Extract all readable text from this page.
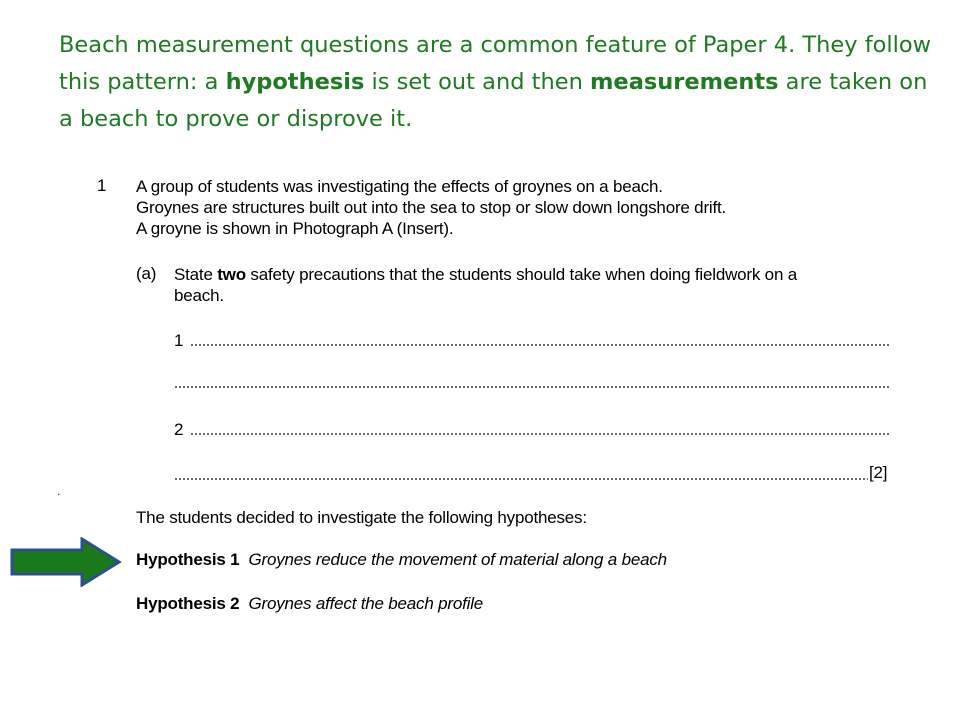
Beach measurement questions are a common feature of Paper 4. They follow this pattern: a hypothesis is set out and then measurements are taken on a beach to prove or disprove it.
1 A group of students was investigating the effects of groynes on a beach.
Groynes are structures built out into the sea to stop or slow down longshore drift.
A groyne is shown in Photograph A (Insert).
(a) State two safety precautions that the students should take when doing fieldwork on a
beach.
1
2
[2]
.
The students decided to investigate the following hypotheses:
Hypothesis 1 Groynes reduce the movement of material along a beach
Hypothesis 2 Groynes affect the beach profile
